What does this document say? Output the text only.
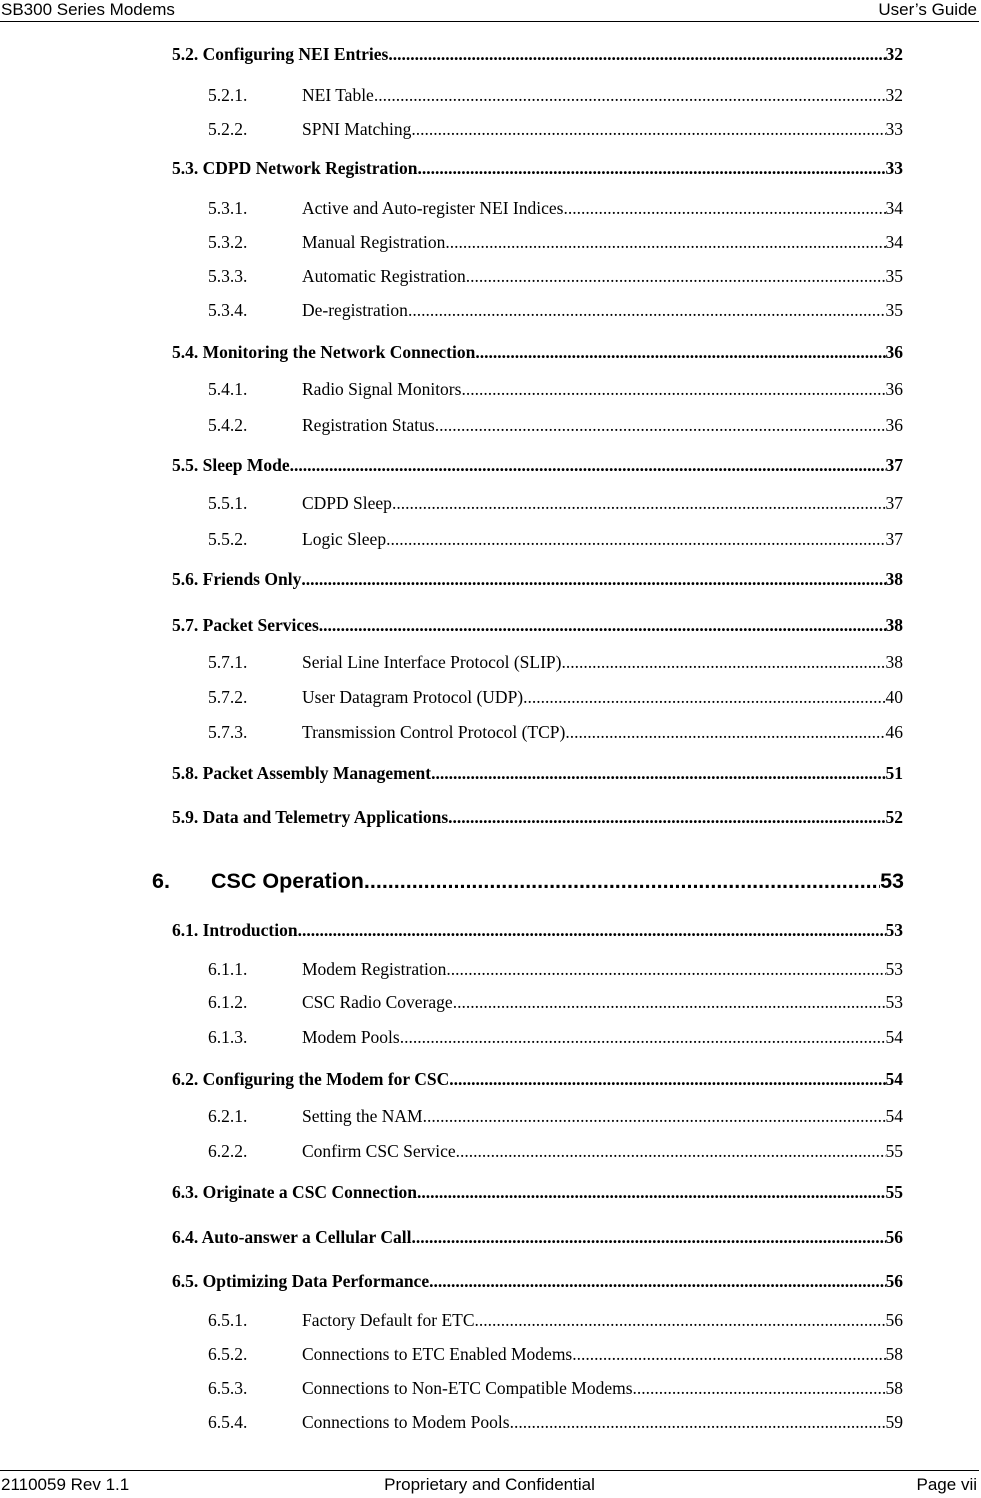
SB300 Series Modems	User’s Guide
5.2. Configuring NEI Entries .....	32
5.2.1.	NEI Table .....	32
5.2.2.	SPNI Matching .....	33
5.3. CDPD Network Registration .....	33
5.3.1.	Active and Auto-register NEI Indices .....	34
5.3.2.	Manual Registration .....	34
5.3.3.	Automatic Registration .....	35
5.3.4.	De-registration .....	35
5.4. Monitoring the Network Connection .....	36
5.4.1.	Radio Signal Monitors .....	36
5.4.2.	Registration Status .....	36
5.5. Sleep Mode .....	37
5.5.1.	CDPD Sleep .....	37
5.5.2.	Logic Sleep .....	37
5.6. Friends Only .....	38
5.7. Packet Services .....	38
5.7.1.	Serial Line Interface Protocol (SLIP) .....	38
5.7.2.	User Datagram Protocol (UDP) .....	40
5.7.3.	Transmission Control Protocol (TCP) .....	46
5.8. Packet Assembly Management .....	51
5.9. Data and Telemetry Applications .....	52
6.	CSC Operation .....	53
6.1. Introduction .....	53
6.1.1.	Modem Registration .....	53
6.1.2.	CSC Radio Coverage .....	53
6.1.3.	Modem Pools .....	54
6.2. Configuring the Modem for CSC .....	54
6.2.1.	Setting the NAM .....	54
6.2.2.	Confirm CSC Service .....	55
6.3. Originate a CSC Connection .....	55
6.4. Auto-answer a Cellular Call .....	56
6.5. Optimizing Data Performance .....	56
6.5.1.	Factory Default for ETC .....	56
6.5.2.	Connections to ETC Enabled Modems .....	58
6.5.3.	Connections to Non-ETC Compatible Modems .....	58
6.5.4.	Connections to Modem Pools .....	59
2110059 Rev 1.1	Proprietary and Confidential	Page vii
